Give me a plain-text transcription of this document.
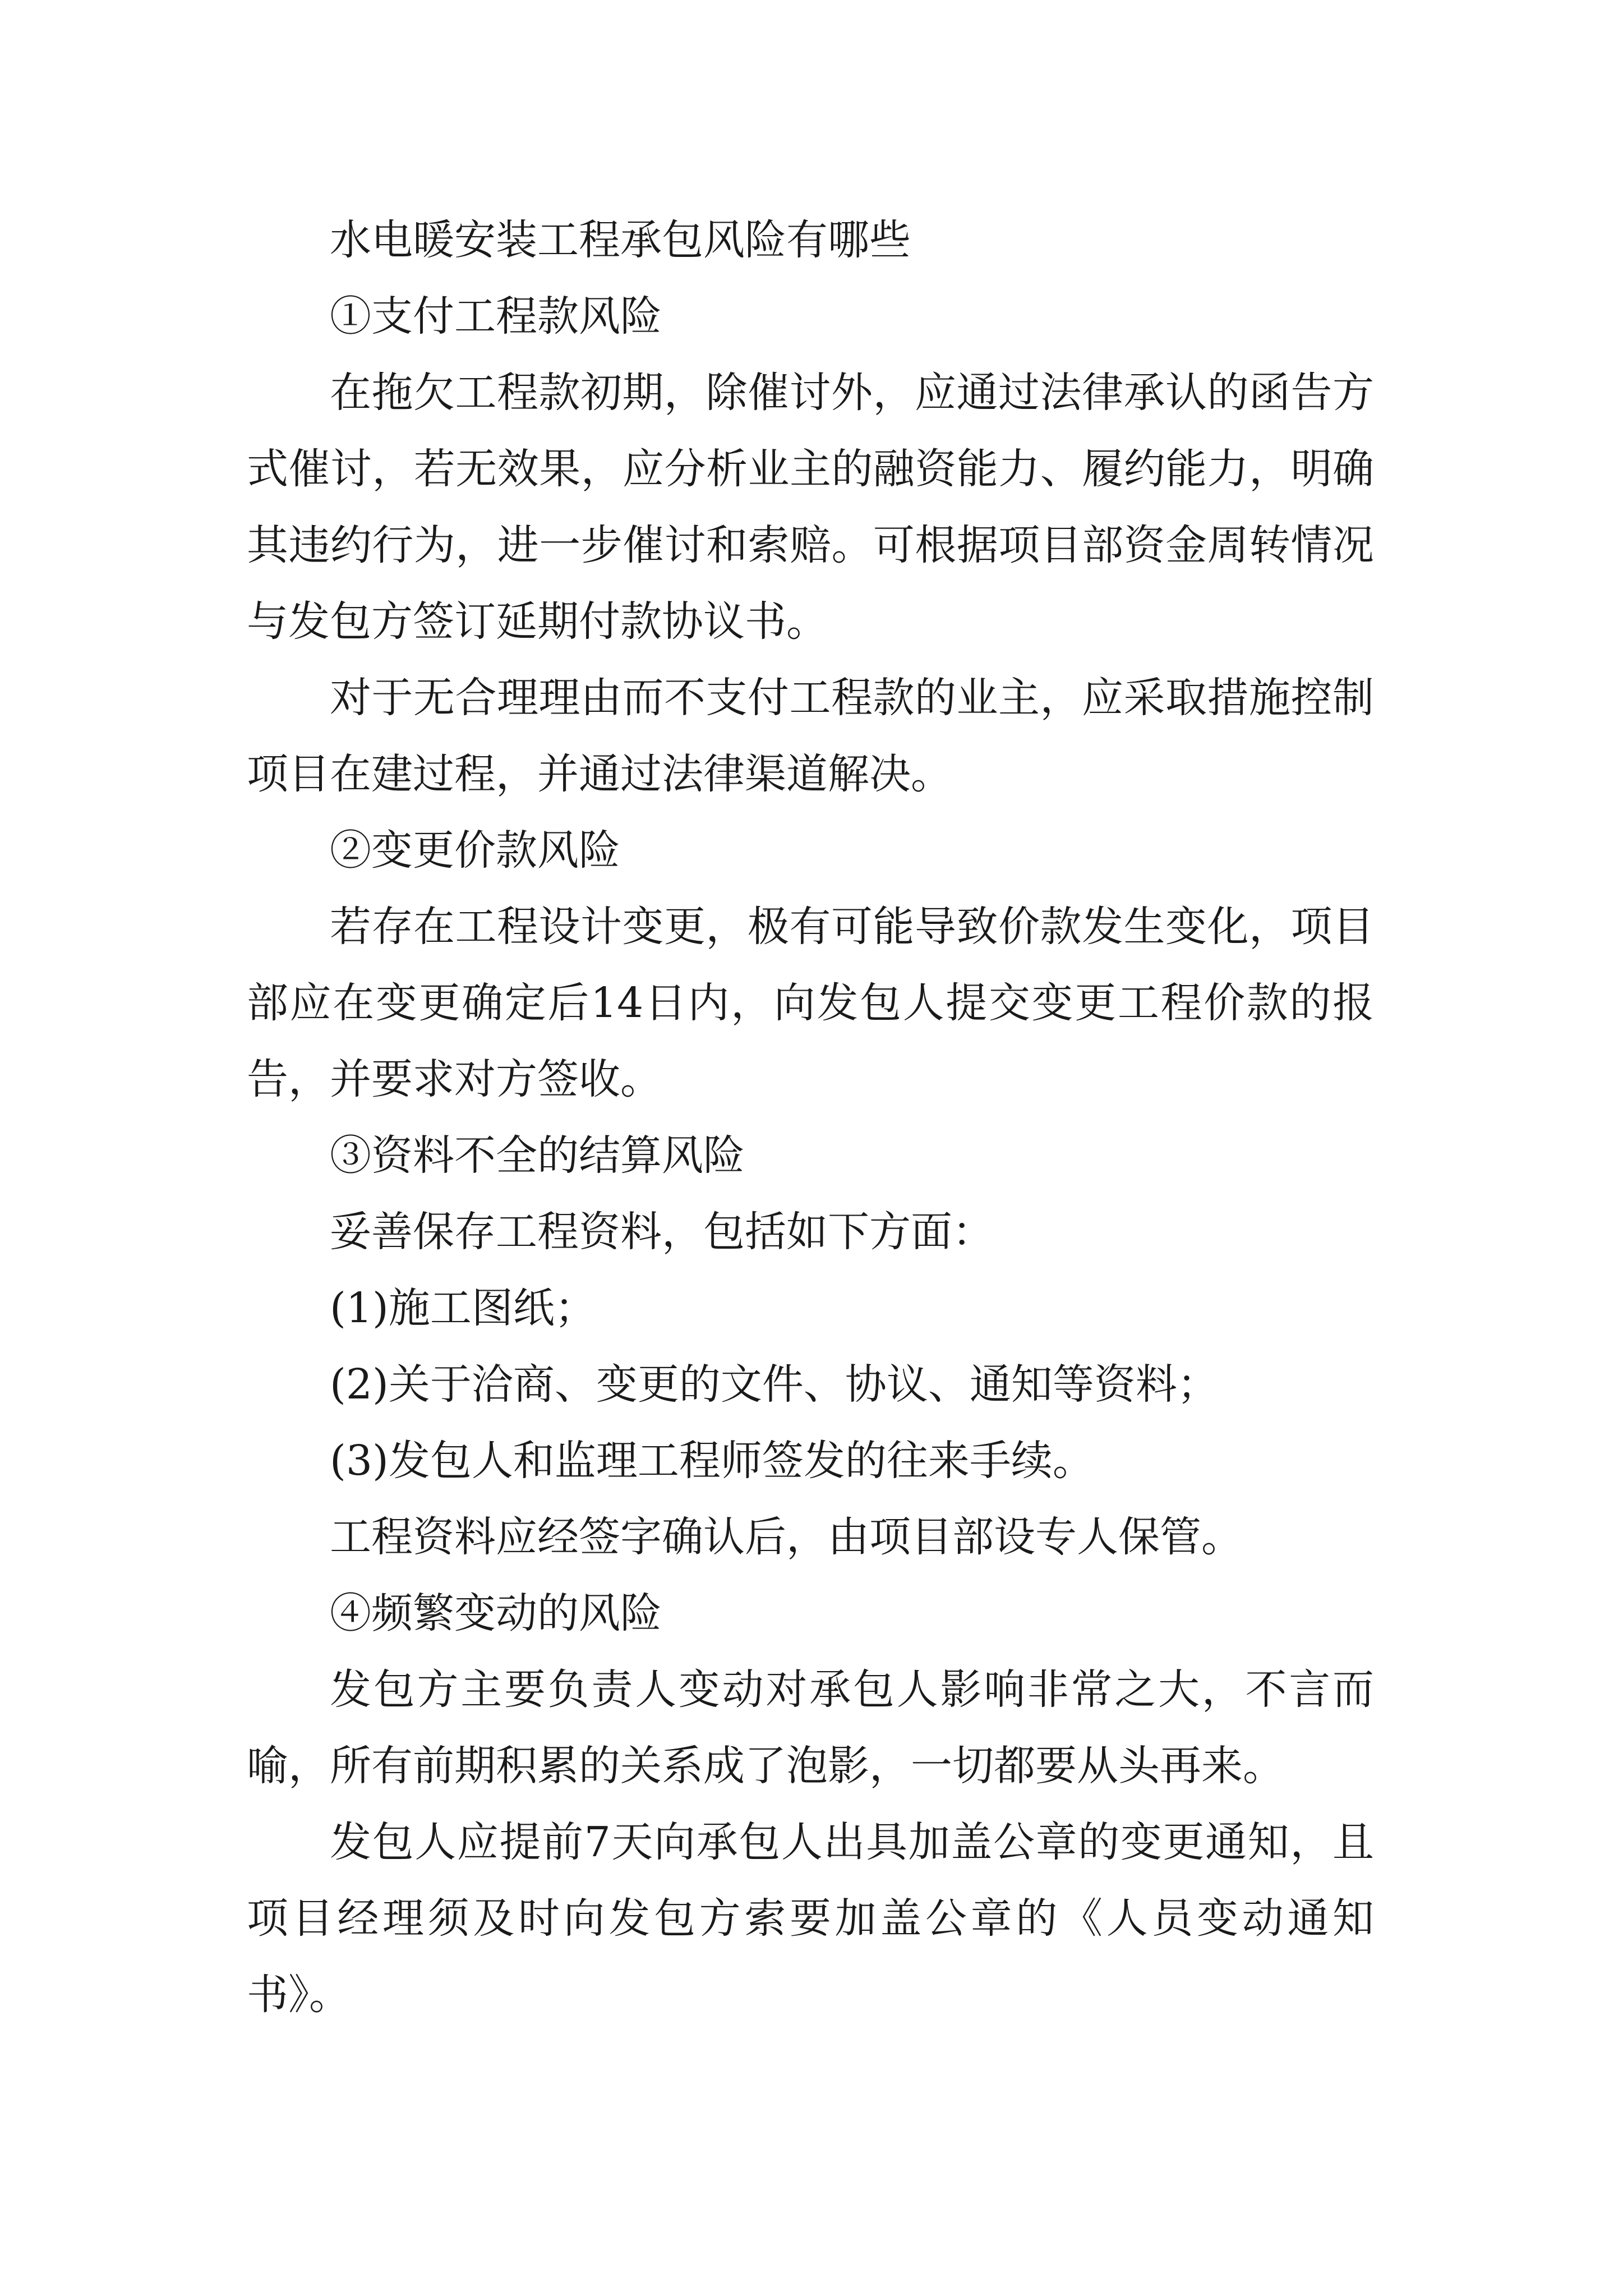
水电暖安装工程承包风险有哪些

①支付工程款风险

在拖欠工程款初期，除催讨外，应通过法律承认的函告方式催讨，若无效果，应分析业主的融资能力、履约能力，明确其违约行为，进一步催讨和索赔。可根据项目部资金周转情况与发包方签订延期付款协议书。

对于无合理理由而不支付工程款的业主，应采取措施控制项目在建过程，并通过法律渠道解决。

②变更价款风险

若存在工程设计变更，极有可能导致价款发生变化，项目部应在变更确定后14日内，向发包人提交变更工程价款的报告，并要求对方签收。

③资料不全的结算风险

妥善保存工程资料，包括如下方面：

(1)施工图纸；

(2)关于洽商、变更的文件、协议、通知等资料；

(3)发包人和监理工程师签发的往来手续。

工程资料应经签字确认后，由项目部设专人保管。

④频繁变动的风险

发包方主要负责人变动对承包人影响非常之大，不言而喻，所有前期积累的关系成了泡影，一切都要从头再来。

发包人应提前7天向承包人出具加盖公章的变更通知，且项目经理须及时向发包方索要加盖公章的《人员变动通知书》。
